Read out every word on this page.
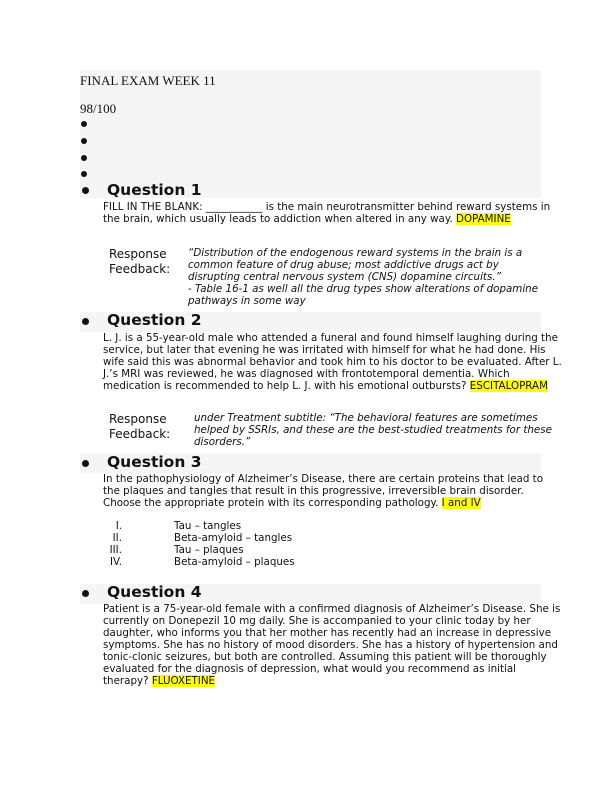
FINAL EXAM WEEK 11
98/100
Question 1
FILL IN THE BLANK: ___________ is the main neurotransmitter behind reward systems in
the brain, which usually leads to addiction when altered in any way. DOPAMINE
Response
Feedback:
“Distribution of the endogenous reward systems in the brain is a
common feature of drug abuse; most addictive drugs act by
disrupting central nervous system (CNS) dopamine circuits.”
- Table 16-1 as well all the drug types show alterations of dopamine
pathways in some way
Question 2
L. J. is a 55-year-old male who attended a funeral and found himself laughing during the
service, but later that evening he was irritated with himself for what he had done. His
wife said this was abnormal behavior and took him to his doctor to be evaluated. After L.
J.’s MRI was reviewed, he was diagnosed with frontotemporal dementia. Which
medication is recommended to help L. J. with his emotional outbursts? ESCITALOPRAM
Response
Feedback:
under Treatment subtitle: “The behavioral features are sometimes
helped by SSRIs, and these are the best-studied treatments for these
disorders.”
Question 3
In the pathophysiology of Alzheimer’s Disease, there are certain proteins that lead to
the plaques and tangles that result in this progressive, irreversible brain disorder.
Choose the appropriate protein with its corresponding pathology. I and IV
I.	Tau – tangles
II.	Beta-amyloid – tangles
III.	Tau – plaques
IV.	Beta-amyloid – plaques
Question 4
Patient is a 75-year-old female with a confirmed diagnosis of Alzheimer’s Disease. She is
currently on Donepezil 10 mg daily. She is accompanied to your clinic today by her
daughter, who informs you that her mother has recently had an increase in depressive
symptoms. She has no history of mood disorders. She has a history of hypertension and
tonic-clonic seizures, but both are controlled. Assuming this patient will be thoroughly
evaluated for the diagnosis of depression, what would you recommend as initial
therapy? FLUOXETINE
